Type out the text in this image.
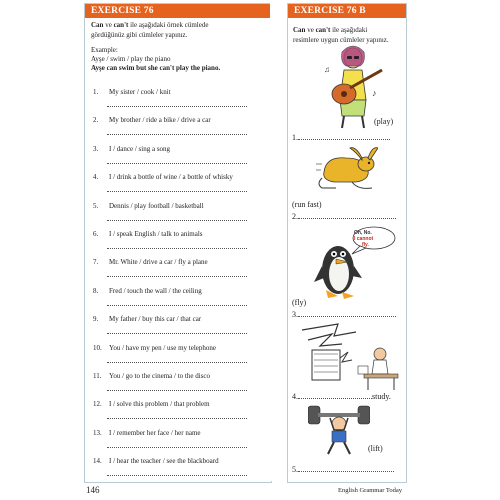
EXERCISE 76
Can ve can't ile aşağıdaki örnek cümlede
gördüğünüz gibi cümleler yapınız.
Example:
Ayşe / swim / play the piano
Ayşe can swim but she can't play the piano.
1. My sister / cook / knit
2. My brother / ride a bike / drive a car
3. I / dance / sing a song
4. I / drink a bottle of wine / a bottle of whisky
5. Dennis / play football / basketball
6. I / speak English / talk to animals
7. Mr. White / drive a car / fly a plane
8. Fred / touch the wall / the ceiling
9. My father / buy this car / that car
10. You / have my pen / use my telephone
11. You / go to the cinema / to the disco
12. I / solve this problem / that problem
13. I / remember her face / her name
14. I / hear the teacher / see the blackboard
EXERCISE 76 B
Can ve can't ile aşağıdaki
resimlere uygun cümleler yapınız.
♪
♫
(play)
1.
(run fast)
2.
Oh, No.
I cannot
fly.
(fly)
3.
4.	study.
(lift)
5.
146	English Grammar Today
